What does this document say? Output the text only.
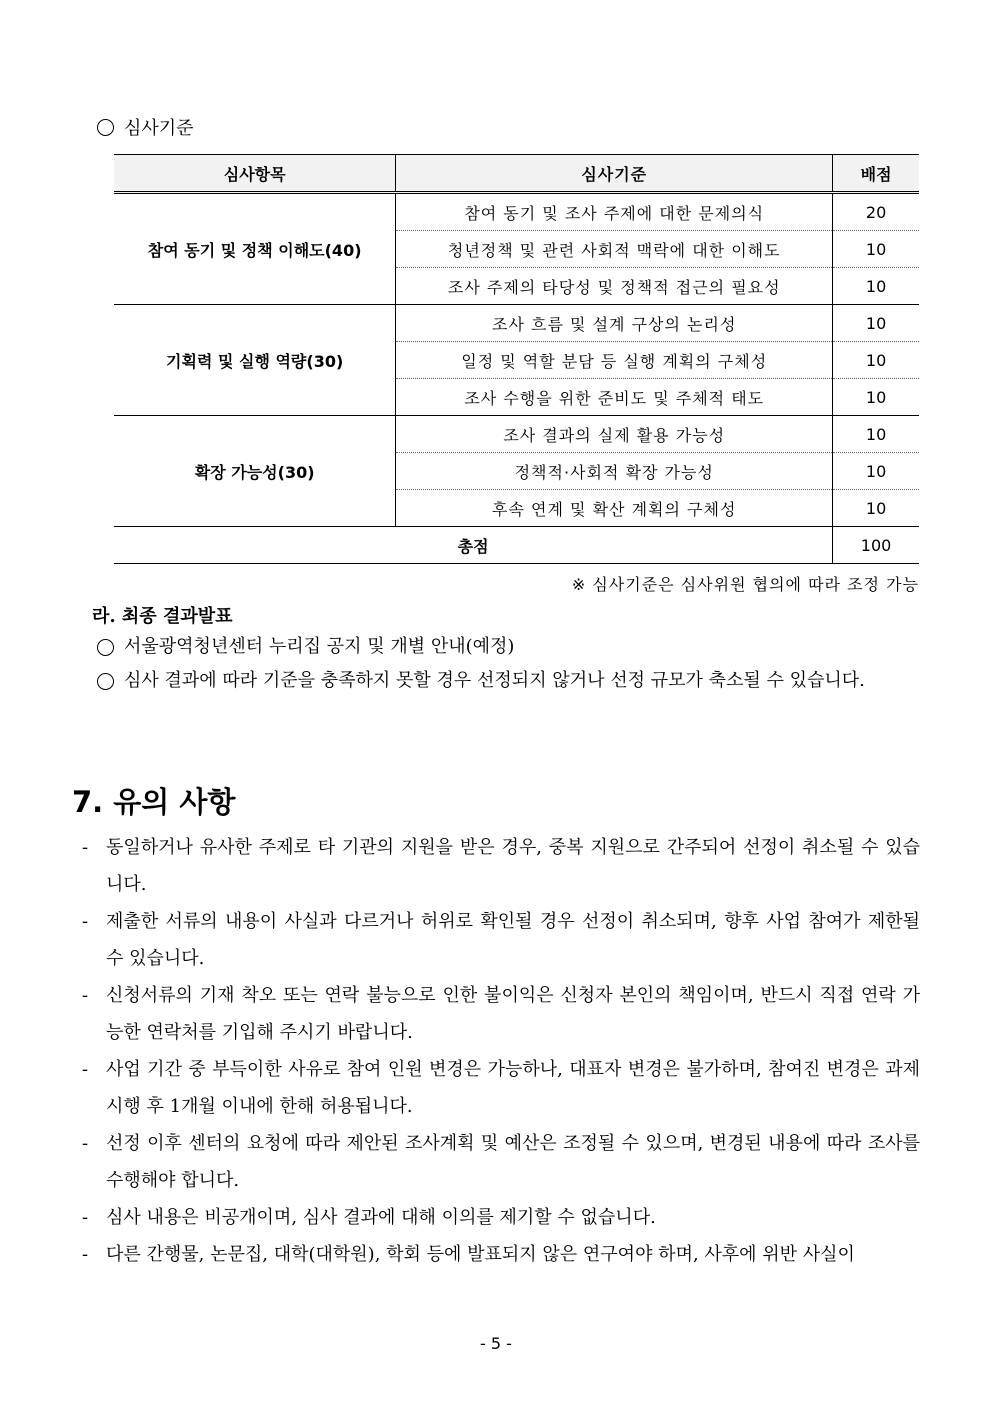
심사기준
심사항목	심사기준	배점
참여 동기 및 정책 이해도(40)	참여 동기 및 조사 주제에 대한 문제의식	20
	청년정책 및 관련 사회적 맥락에 대한 이해도	10
	조사 주제의 타당성 및 정책적 접근의 필요성	10
기획력 및 실행 역량(30)	조사 흐름 및 설계 구상의 논리성	10
	일정 및 역할 분담 등 실행 계획의 구체성	10
	조사 수행을 위한 준비도 및 주체적 태도	10
확장 가능성(30)	조사 결과의 실제 활용 가능성	10
	정책적·사회적 확장 가능성	10
	후속 연계 및 확산 계획의 구체성	10
총점		100
※ 심사기준은 심사위원 협의에 따라 조정 가능
라. 최종 결과발표
서울광역청년센터 누리집 공지 및 개별 안내(예정)
심사 결과에 따라 기준을 충족하지 못할 경우 선정되지 않거나 선정 규모가 축소될 수 있습니다.
7. 유의 사항
- 동일하거나 유사한 주제로 타 기관의 지원을 받은 경우, 중복 지원으로 간주되어 선정이 취소될 수 있습니다.
- 제출한 서류의 내용이 사실과 다르거나 허위로 확인될 경우 선정이 취소되며, 향후 사업 참여가 제한될 수 있습니다.
- 신청서류의 기재 착오 또는 연락 불능으로 인한 불이익은 신청자 본인의 책임이며, 반드시 직접 연락 가능한 연락처를 기입해 주시기 바랍니다.
- 사업 기간 중 부득이한 사유로 참여 인원 변경은 가능하나, 대표자 변경은 불가하며, 참여진 변경은 과제 시행 후 1개월 이내에 한해 허용됩니다.
- 선정 이후 센터의 요청에 따라 제안된 조사계획 및 예산은 조정될 수 있으며, 변경된 내용에 따라 조사를 수행해야 합니다.
- 심사 내용은 비공개이며, 심사 결과에 대해 이의를 제기할 수 없습니다.
- 다른 간행물, 논문집, 대학(대학원), 학회 등에 발표되지 않은 연구여야 하며, 사후에 위반 사실이
- 5 -
